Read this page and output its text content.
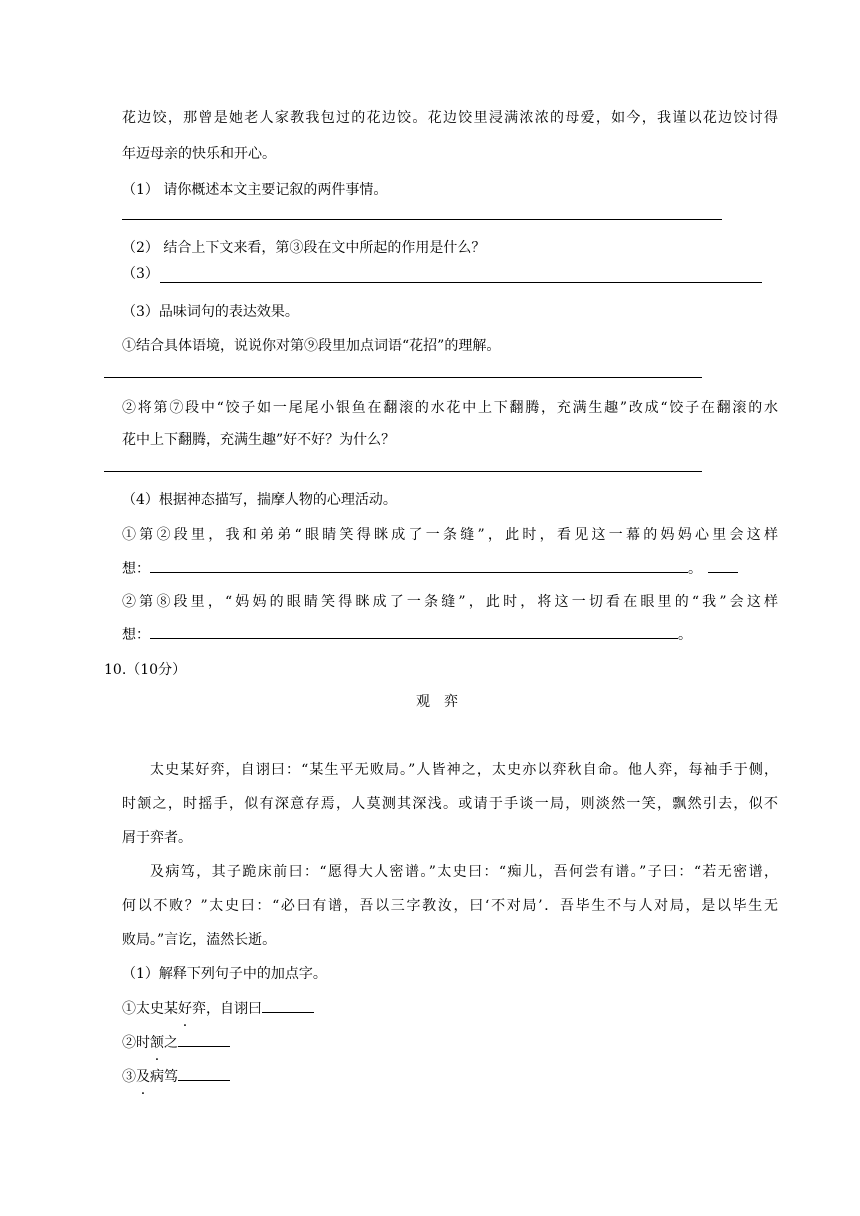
花边饺，那曾是她老人家教我包过的花边饺。花边饺里浸满浓浓的母爱，如今，我谨以花边饺讨得
年迈母亲的快乐和开心。
（1） 请你概述本文主要记叙的两件事情。
（2） 结合上下文来看，第③段在文中所起的作用是什么？
（3）
（3）品味词句的表达效果。
①结合具体语境，说说你对第⑨段里加点词语“花招”的理解。
②将第⑦段中“饺子如一尾尾小银鱼在翻滚的水花中上下翻腾，充满生趣”改成“饺子在翻滚的水
花中上下翻腾，充满生趣”好不好？为什么？
（4）根据神态描写，揣摩人物的心理活动。
①第②段里，我和弟弟“眼睛笑得眯成了一条缝”，此时，看见这一幕的妈妈心里会这样
想：	。
②第⑧段里，“妈妈的眼睛笑得眯成了一条缝”，此时，将这一切看在眼里的“我”会这样
想：	。
10.（10分）
观弈
太史某好弈，自诩曰：“某生平无败局。”人皆神之，太史亦以弈秋自命。他人弈，每袖手于侧，
时颔之，时摇手，似有深意存焉，人莫测其深浅。或请于手谈一局，则淡然一笑，飘然引去，似不
屑于弈者。
及病笃，其子跪床前曰：“愿得大人密谱。”太史曰：“痴儿，吾何尝有谱。”子曰：“若无密谱，
何以不败？”太史曰：“必曰有谱，吾以三字教汝，曰‘不对局’．吾毕生不与人对局，是以毕生无
败局。”言讫，溘然长逝。
（1）解释下列句子中的加点字。
①太史某好弈，自诩曰
②时颔之
③及病笃
